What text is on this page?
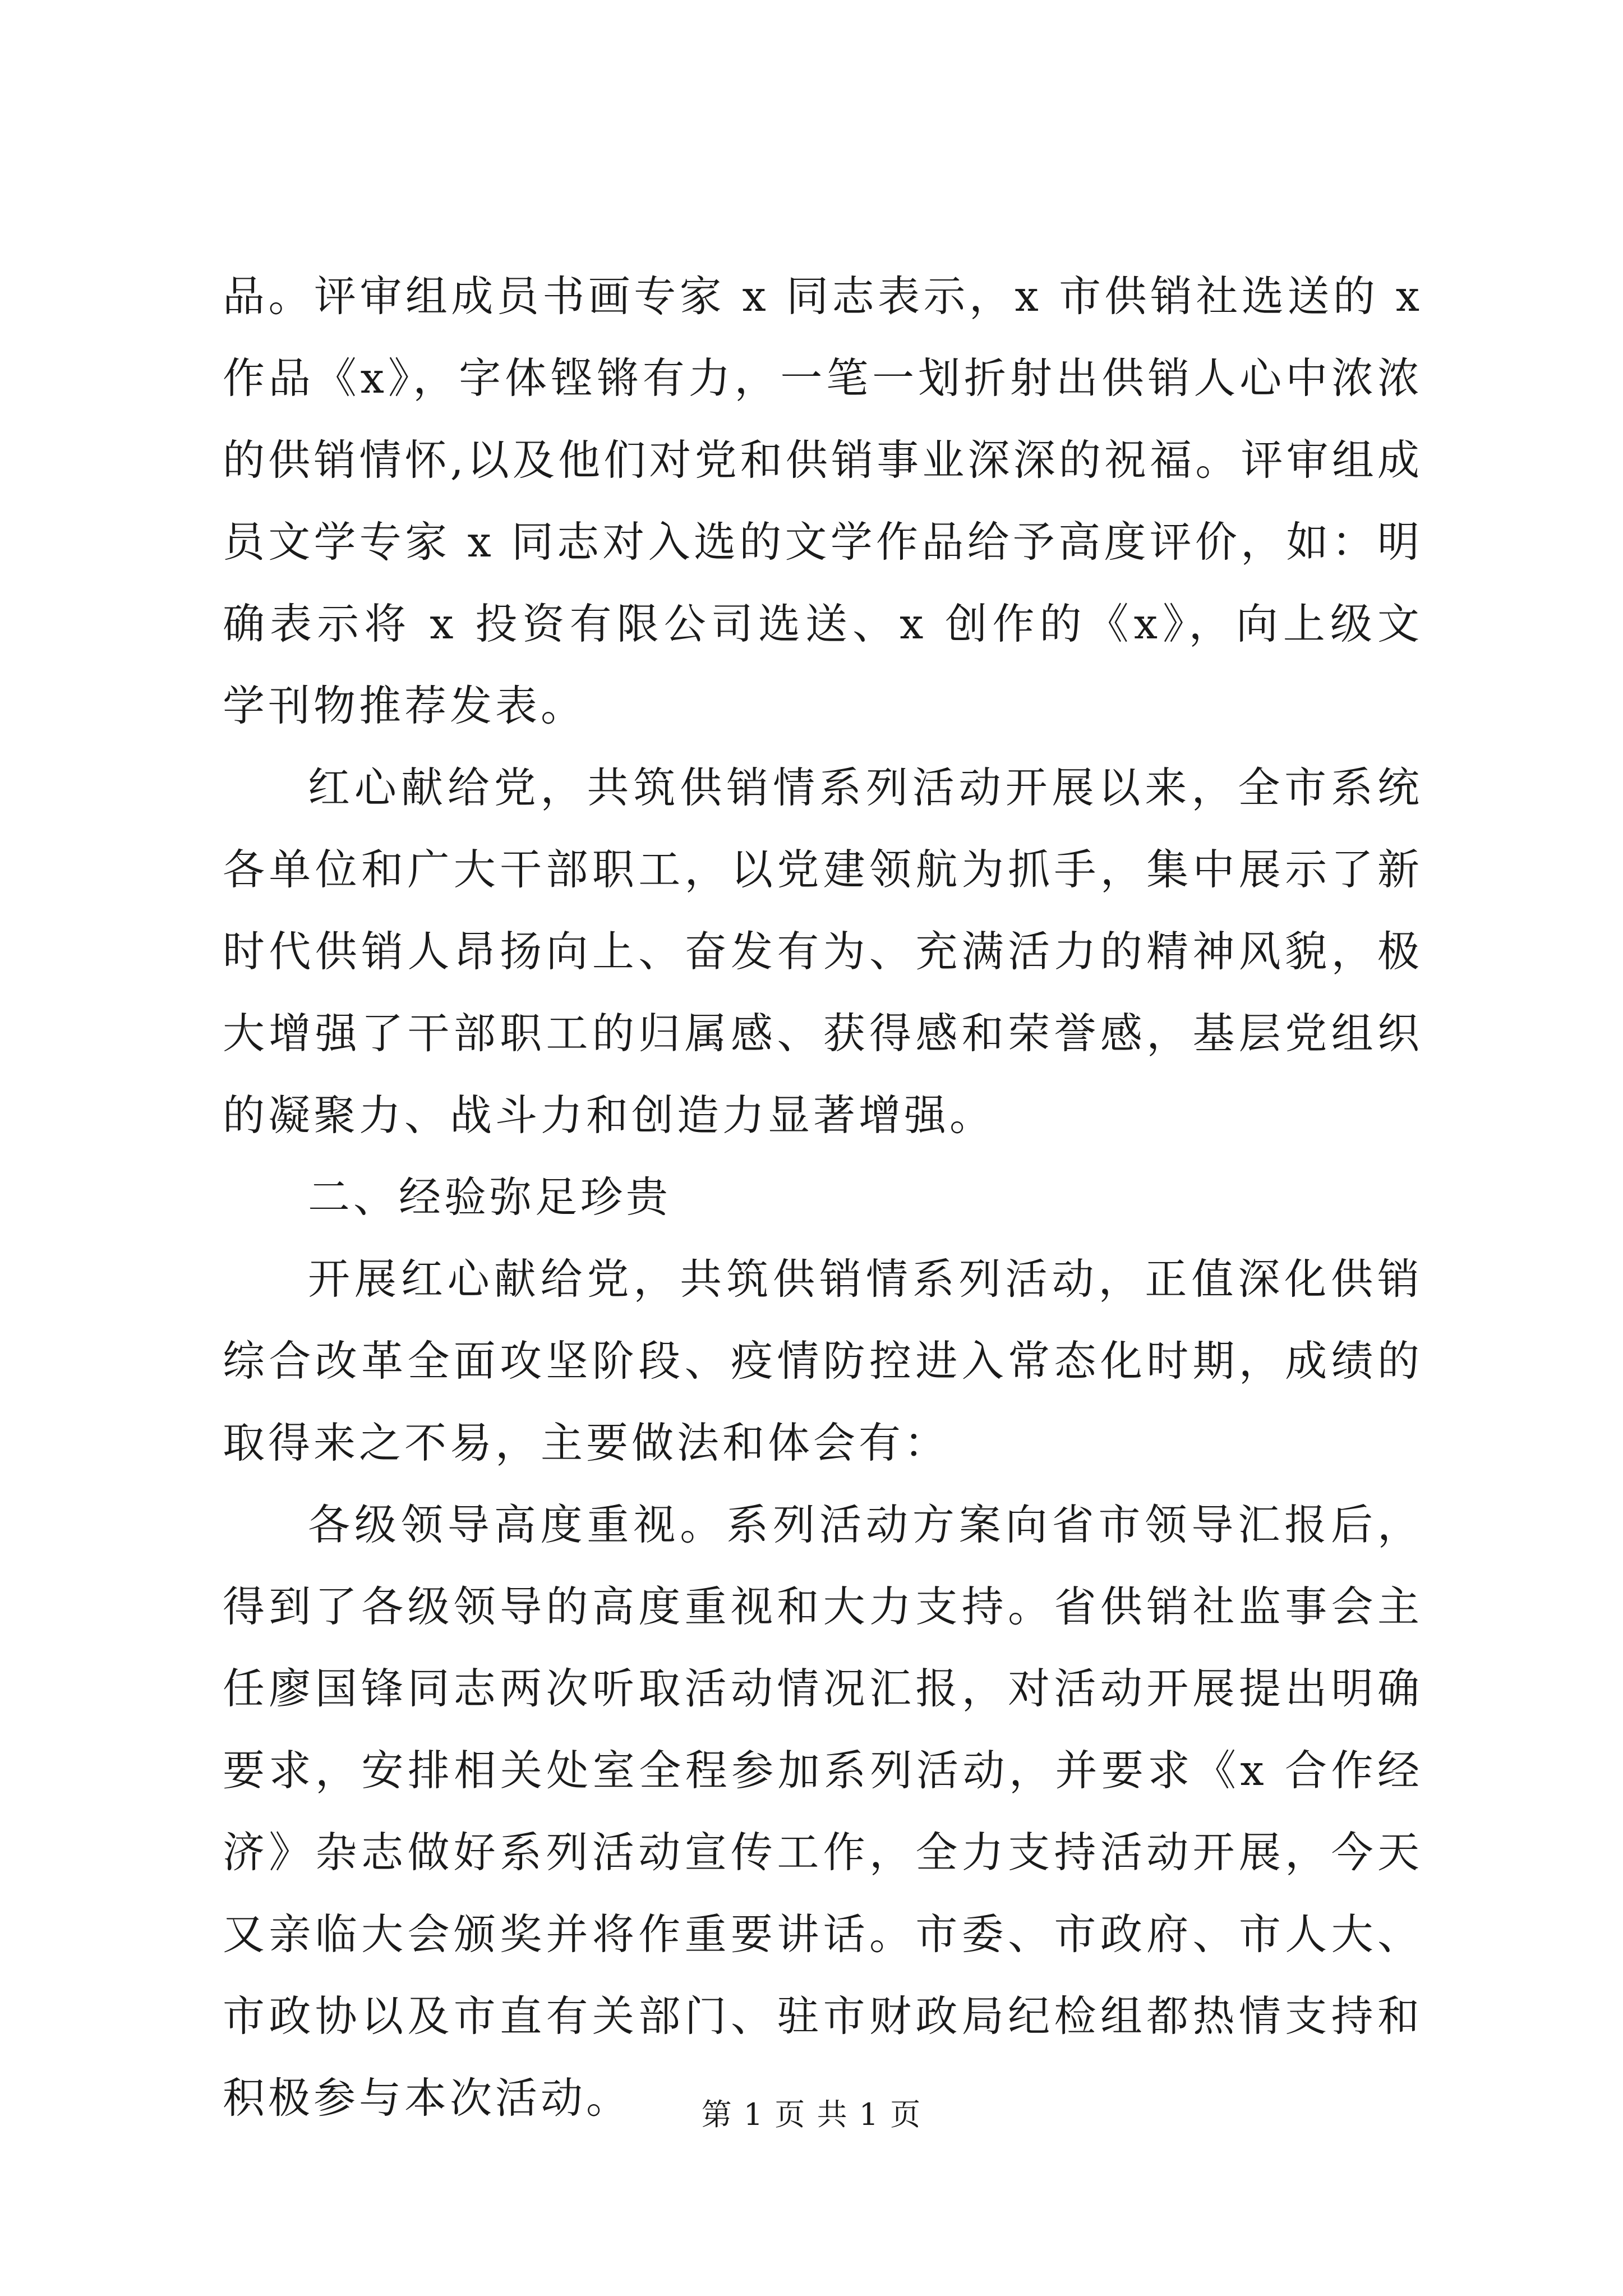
品。评审组成员书画专家 x 同志表示，x 市供销社选送的 x 作品《x》，字体铿锵有力，一笔一划折射出供销人心中浓浓的供销情怀,以及他们对党和供销事业深深的祝福。评审组成员文学专家 x 同志对入选的文学作品给予高度评价，如：明确表示将 x 投资有限公司选送、x 创作的《x》，向上级文学刊物推荐发表。

红心献给党，共筑供销情系列活动开展以来，全市系统各单位和广大干部职工，以党建领航为抓手，集中展示了新时代供销人昂扬向上、奋发有为、充满活力的精神风貌，极大增强了干部职工的归属感、获得感和荣誉感，基层党组织的凝聚力、战斗力和创造力显著增强。

二、经验弥足珍贵

开展红心献给党，共筑供销情系列活动，正值深化供销综合改革全面攻坚阶段、疫情防控进入常态化时期，成绩的取得来之不易，主要做法和体会有：

各级领导高度重视。系列活动方案向省市领导汇报后，得到了各级领导的高度重视和大力支持。省供销社监事会主任廖国锋同志两次听取活动情况汇报，对活动开展提出明确要求，安排相关处室全程参加系列活动，并要求《x 合作经济》杂志做好系列活动宣传工作，全力支持活动开展，今天又亲临大会颁奖并将作重要讲话。市委、市政府、市人大、市政协以及市直有关部门、驻市财政局纪检组都热情支持和积极参与本次活动。	第 1 页 共 1 页
